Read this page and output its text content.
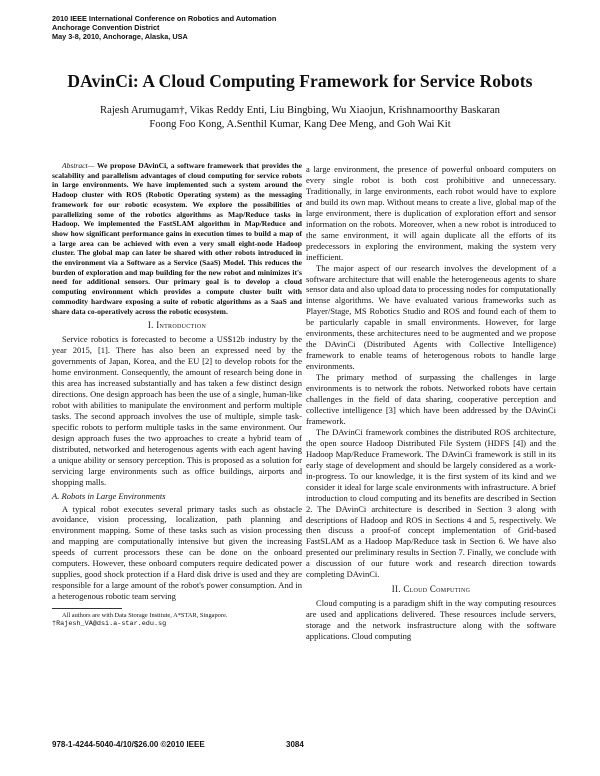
2010 IEEE International Conference on Robotics and Automation
Anchorage Convention District
May 3-8, 2010, Anchorage, Alaska, USA
DAvinCi: A Cloud Computing Framework for Service Robots
Rajesh Arumugam†, Vikas Reddy Enti, Liu Bingbing, Wu Xiaojun, Krishnamoorthy Baskaran
Foong Foo Kong, A.Senthil Kumar, Kang Dee Meng, and Goh Wai Kit

Abstract— We propose DAvinCi, a software framework that provides the scalability and parallelism advantages of cloud computing for service robots in large environments. We have implemented such a system around the Hadoop cluster with ROS (Robotic Operating system) as the messaging framework for our robotic ecosystem. We explore the possibilities of parallelizing some of the robotics algorithms as Map/Reduce tasks in Hadoop. We implemented the FastSLAM algorithm in Map/Reduce and show how significant performance gains in execution times to build a map of a large area can be achieved with even a very small eight-node Hadoop cluster. The global map can later be shared with other robots introduced in the environment via a Software as a Service (SaaS) Model. This reduces the burden of exploration and map building for the new robot and minimizes it's need for additional sensors. Our primary goal is to develop a cloud computing environment which provides a compute cluster built with commodity hardware exposing a suite of robotic algorithms as a SaaS and share data co-operatively across the robotic ecosystem.

I. Introduction

Service robotics is forecasted to become a US$12b industry by the year 2015, [1]. There has also been an expressed need by the governments of Japan, Korea, and the EU [2] to develop robots for the home environment. Consequently, the amount of research being done in this area has increased substantially and has taken a few distinct design directions. One design approach has been the use of a single, human-like robot with abilities to manipulate the environment and perform multiple tasks. The second approach involves the use of multiple, simple task-specific robots to perform multiple tasks in the same environment. Our design approach fuses the two approaches to create a hybrid team of distributed, networked and heterogenous agents with each agent having a unique ability or sensory perception. This is proposed as a solution for servicing large environments such as office buildings, airports and shopping malls.

A. Robots in Large Environments

A typical robot executes several primary tasks such as obstacle avoidance, vision processing, localization, path planning and environment mapping. Some of these tasks such as vision processing and mapping are computationally intensive but given the increasing speeds of current processors these can be done on the onboard computers. However, these onboard computers require dedicated power supplies, good shock protection if a Hard disk drive is used and they are responsible for a large amount of the robot's power consumption. And in a heterogenous robotic team serving

All authors are with Data Storage Institute, A*STAR, Singapore.

†Rajesh_VA@dsi.a-star.edu.sg

a large environment, the presence of powerful onboard computers on every single robot is both cost prohibitive and unnecessary. Traditionally, in large environments, each robot would have to explore and build its own map. Without means to create a live, global map of the large environment, there is duplication of exploration effort and sensor information on the robots. Moreover, when a new robot is introduced to the same environment, it will again duplicate all the efforts of its predecessors in exploring the environment, making the system very inefficient.

The major aspect of our research involves the development of a software architecture that will enable the heterogeneous agents to share sensor data and also upload data to processing nodes for computationally intense algorithms. We have evaluated various frameworks such as Player/Stage, MS Robotics Studio and ROS and found each of them to be particularly capable in small environments. However, for large environments, these architectures need to be augmented and we propose the DAvinCi (Distributed Agents with Collective Intelligence) framework to enable teams of heterogenous robots to handle large environments.

The primary method of surpassing the challenges in large environments is to network the robots. Networked robots have certain challenges in the field of data sharing, cooperative perception and collective intelligence [3] which have been addressed by the DAvinCi framework.

The DAvinCi framework combines the distributed ROS architecture, the open source Hadoop Distributed File System (HDFS [4]) and the Hadoop Map/Reduce Framework. The DAvinCi framework is still in its early stage of development and should be largely considered as a work-in-progress. To our knowledge, it is the first system of its kind and we consider it ideal for large scale environments with infrastructure. A brief introduction to cloud computing and its benefits are described in Section 2. The DAvinCi architecture is described in Section 3 along with descriptions of Hadoop and ROS in Sections 4 and 5, respectively. We then discuss a proof-of concept implementation of Grid-based FastSLAM as a Hadoop Map/Reduce task in Section 6. We have also presented our preliminary results in Section 7. Finally, we conclude with a discussion of our future work and research direction towards completing DAvinCi.

II. Cloud Computing

Cloud computing is a paradigm shift in the way computing resources are used and applications delivered. These resources include servers, storage and the network insfrastructure along with the software applications. Cloud computing

978-1-4244-5040-4/10/$26.00 ©2010 IEEE	3084
